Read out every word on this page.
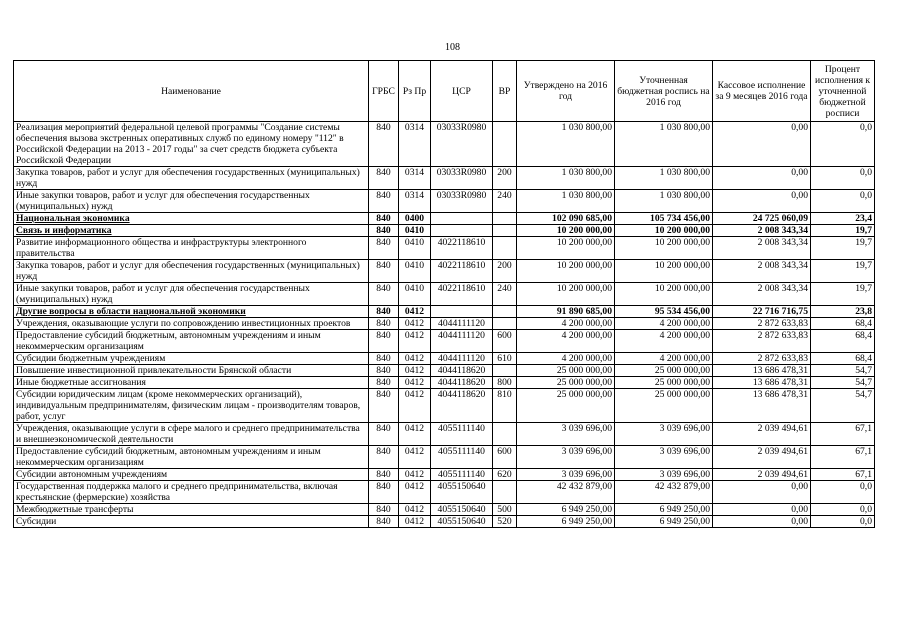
108
Наименование	ГРБС	Рз Пр	ЦСР	ВР	Утверждено на 2016 год	Уточненная бюджетная роспись на 2016 год	Кассовое исполнение за 9 месяцев 2016 года	Процент исполнения к уточненной бюджетной росписи
Реализация мероприятий федеральной целевой программы "Создание системы обеспечения вызова экстренных оперативных служб по единому номеру "112" в Российской Федерации на 2013 - 2017 годы" за счет средств бюджета субъекта Российской Федерации	840	0314	03033R0980		1 030 800,00	1 030 800,00	0,00	0,0
Закупка товаров, работ и услуг для обеспечения государственных (муниципальных) нужд	840	0314	03033R0980	200	1 030 800,00	1 030 800,00	0,00	0,0
Иные закупки товаров, работ и услуг для обеспечения государственных (муниципальных) нужд	840	0314	03033R0980	240	1 030 800,00	1 030 800,00	0,00	0,0
Национальная экономика	840	0400			102 090 685,00	105 734 456,00	24 725 060,09	23,4
Связь и информатика	840	0410			10 200 000,00	10 200 000,00	2 008 343,34	19,7
Развитие информационного общества и инфраструктуры электронного правительства	840	0410	4022118610		10 200 000,00	10 200 000,00	2 008 343,34	19,7
Закупка товаров, работ и услуг для обеспечения государственных (муниципальных) нужд	840	0410	4022118610	200	10 200 000,00	10 200 000,00	2 008 343,34	19,7
Иные закупки товаров, работ и услуг для обеспечения государственных (муниципальных) нужд	840	0410	4022118610	240	10 200 000,00	10 200 000,00	2 008 343,34	19,7
Другие вопросы в области национальной экономики	840	0412			91 890 685,00	95 534 456,00	22 716 716,75	23,8
Учреждения, оказывающие услуги по сопровождению инвестиционных проектов	840	0412	4044111120		4 200 000,00	4 200 000,00	2 872 633,83	68,4
Предоставление субсидий бюджетным, автономным учреждениям и иным некоммерческим организациям	840	0412	4044111120	600	4 200 000,00	4 200 000,00	2 872 633,83	68,4
Субсидии бюджетным учреждениям	840	0412	4044111120	610	4 200 000,00	4 200 000,00	2 872 633,83	68,4
Повышение инвестиционной привлекательности Брянской области	840	0412	4044118620		25 000 000,00	25 000 000,00	13 686 478,31	54,7
Иные бюджетные ассигнования	840	0412	4044118620	800	25 000 000,00	25 000 000,00	13 686 478,31	54,7
Субсидии юридическим лицам (кроме некоммерческих организаций), индивидуальным предпринимателям, физическим лицам - производителям товаров, работ, услуг	840	0412	4044118620	810	25 000 000,00	25 000 000,00	13 686 478,31	54,7
Учреждения, оказывающие услуги в сфере малого и среднего предпринимательства и внешнеэкономической деятельности	840	0412	4055111140		3 039 696,00	3 039 696,00	2 039 494,61	67,1
Предоставление субсидий бюджетным, автономным учреждениям и иным некоммерческим организациям	840	0412	4055111140	600	3 039 696,00	3 039 696,00	2 039 494,61	67,1
Субсидии автономным учреждениям	840	0412	4055111140	620	3 039 696,00	3 039 696,00	2 039 494,61	67,1
Государственная поддержка малого и среднего предпринимательства, включая крестьянские (фермерские) хозяйства	840	0412	4055150640		42 432 879,00	42 432 879,00	0,00	0,0
Межбюджетные трансферты	840	0412	4055150640	500	6 949 250,00	6 949 250,00	0,00	0,0
Субсидии	840	0412	4055150640	520	6 949 250,00	6 949 250,00	0,00	0,0
